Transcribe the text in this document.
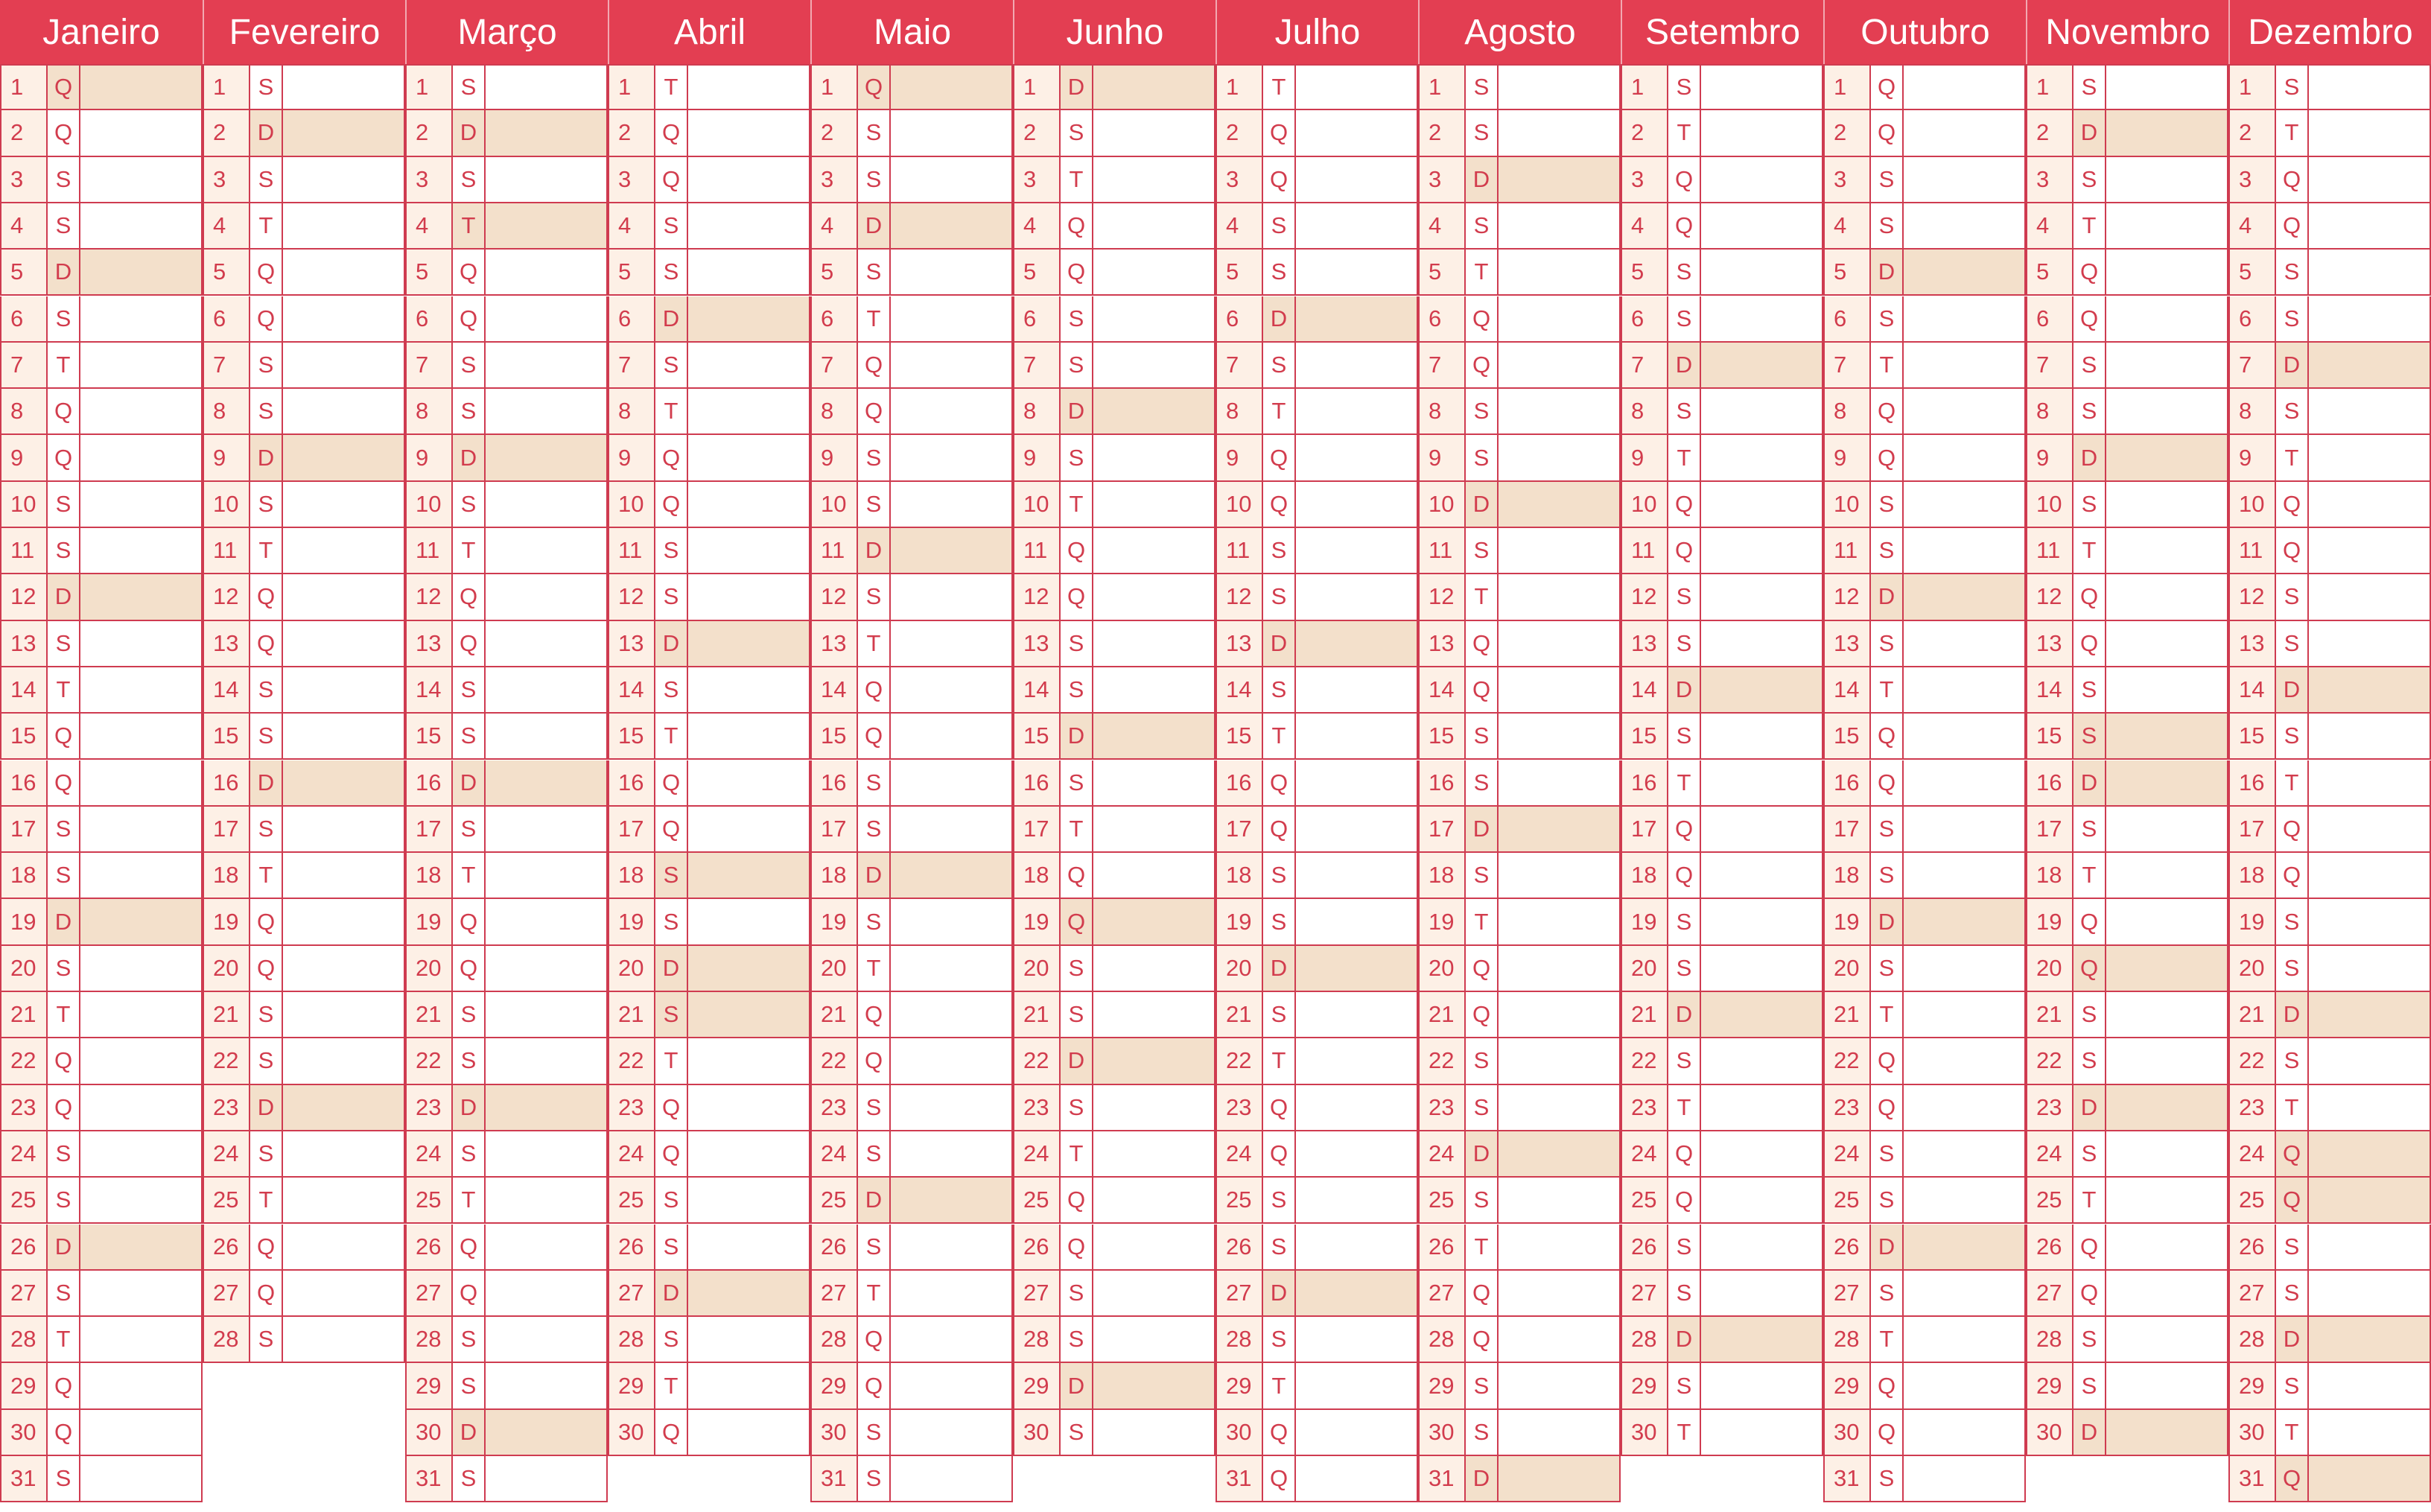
Janeiro
1	Q
2	Q
3	S
4	S
5	D
6	S
7	T
8	Q
9	Q
10 S
11 S
12 D
13 S
14 T
15 Q
16 Q
17 S
18 S
19 D
20 S
21 T
22 Q
23 Q
24 S
25 S
26 D
27 S
28 T
29 Q
30 Q
31 S
Fevereiro
1	S
2	D
3	S
4	T
5	Q
6	Q
7	S
8	S
9	D
10 S
11 T
12 Q
13 Q
14 S
15 S
16 D
17 S
18 T
19 Q
20 Q
21 S
22 S
23 D
24 S
25 T
26 Q
27 Q
28 S
Março
1	S
2	D
3	S
4	T
5	Q
6	Q
7	S
8	S
9	D
10 S
11 T
12 Q
13 Q
14 S
15 S
16 D
17 S
18 T
19 Q
20 Q
21 S
22 S
23 D
24 S
25 T
26 Q
27 Q
28 S
29 S
30 D
31 S
Abril
1	T
2	Q
3	Q
4	S
5	S
6	D
7	S
8	T
9	Q
10 Q
11 S
12 S
13 D
14 S
15 T
16 Q
17 Q
18 S
19 S
20 D
21 S
22 T
23 Q
24 Q
25 S
26 S
27 D
28 S
29 T
30 Q
Maio
1	Q
2	S
3	S
4	D
5	S
6	T
7	Q
8	Q
9	S
10 S
11 D
12 S
13 T
14 Q
15 Q
16 S
17 S
18 D
19 S
20 T
21 Q
22 Q
23 S
24 S
25 D
26 S
27 T
28 Q
29 Q
30 S
31 S
Junho
1	D
2	S
3	T
4	Q
5	Q
6	S
7	S
8	D
9	S
10 T
11 Q
12 Q
13 S
14 S
15 D
16 S
17 T
18 Q
19 Q
20 S
21 S
22 D
23 S
24 T
25 Q
26 Q
27 S
28 S
29 D
30 S
Julho
1	T
2	Q
3	Q
4	S
5	S
6	D
7	S
8	T
9	Q
10 Q
11 S
12 S
13 D
14 S
15 T
16 Q
17 Q
18 S
19 S
20 D
21 S
22 T
23 Q
24 Q
25 S
26 S
27 D
28 S
29 T
30 Q
31 Q
Agosto
1	S
2	S
3	D
4	S
5	T
6	Q
7	Q
8	S
9	S
10 D
11 S
12 T
13 Q
14 Q
15 S
16 S
17 D
18 S
19 T
20 Q
21 Q
22 S
23 S
24 D
25 S
26 T
27 Q
28 Q
29 S
30 S
31 D
Setembro
1	S
2	T
3	Q
4	Q
5	S
6	S
7	D
8	S
9	T
10 Q
11 Q
12 S
13 S
14 D
15 S
16 T
17 Q
18 Q
19 S
20 S
21 D
22 S
23 T
24 Q
25 Q
26 S
27 S
28 D
29 S
30 T
Outubro
1	Q
2	Q
3	S
4	S
5	D
6	S
7	T
8	Q
9	Q
10 S
11 S
12 D
13 S
14 T
15 Q
16 Q
17 S
18 S
19 D
20 S
21 T
22 Q
23 Q
24 S
25 S
26 D
27 S
28 T
29 Q
30 Q
31 S
Novembro
1	S
2	D
3	S
4	T
5	Q
6	Q
7	S
8	S
9	D
10 S
11 T
12 Q
13 Q
14 S
15 S
16 D
17 S
18 T
19 Q
20 Q
21 S
22 S
23 D
24 S
25 T
26 Q
27 Q
28 S
29 S
30 D
Dezembro
1	S
2	T
3	Q
4	Q
5	S
6	S
7	D
8	S
9	T
10 Q
11 Q
12 S
13 S
14 D
15 S
16 T
17 Q
18 Q
19 S
20 S
21 D
22 S
23 T
24 Q
25 Q
26 S
27 S
28 D
29 S
30 T
31 Q
